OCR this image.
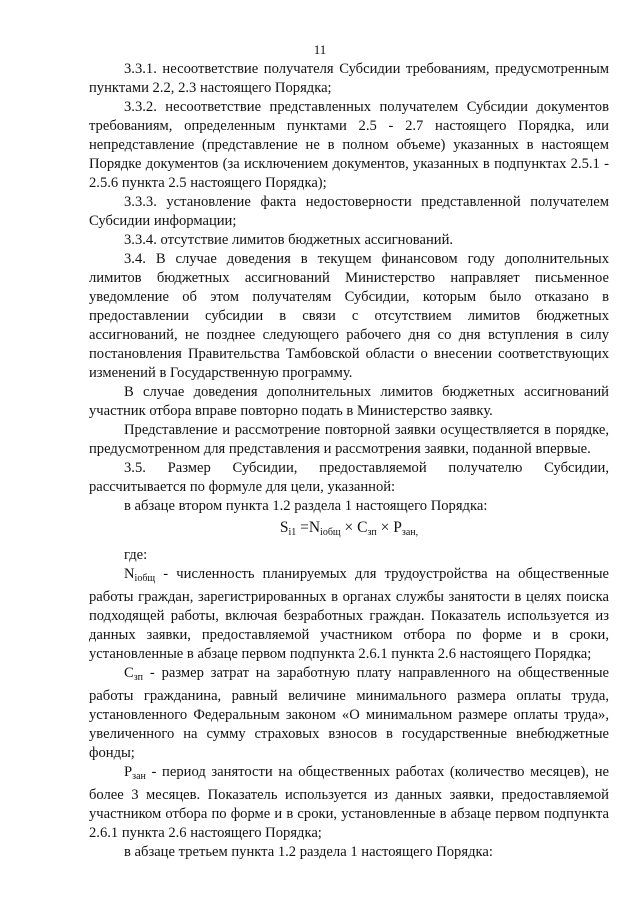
11

3.3.1. несоответствие получателя Субсидии требованиям, предусмотренным пунктами 2.2, 2.3 настоящего Порядка;

3.3.2. несоответствие представленных получателем Субсидии документов требованиям, определенным пунктами 2.5 - 2.7 настоящего Порядка, или непредставление (представление не в полном объеме) указанных в настоящем Порядке документов (за исключением документов, указанных в подпунктах 2.5.1 - 2.5.6 пункта 2.5 настоящего Порядка);

3.3.3. установление факта недостоверности представленной получателем Субсидии информации;

3.3.4. отсутствие лимитов бюджетных ассигнований.

3.4. В случае доведения в текущем финансовом году дополнительных лимитов бюджетных ассигнований Министерство направляет письменное уведомление об этом получателям Субсидии, которым было отказано в предоставлении субсидии в связи с отсутствием лимитов бюджетных ассигнований, не позднее следующего рабочего дня со дня вступления в силу постановления Правительства Тамбовской области о внесении соответствующих изменений в Государственную программу.

В случае доведения дополнительных лимитов бюджетных ассигнований участник отбора вправе повторно подать в Министерство заявку.

Представление и рассмотрение повторной заявки осуществляется в порядке, предусмотренном для представления и рассмотрения заявки, поданной впервые.

3.5. Размер Субсидии, предоставляемой получателю Субсидии, рассчитывается по формуле для цели, указанной:

в абзаце втором пункта 1.2 раздела 1 настоящего Порядка:

$S_{i1} =N_{iобщ} \times C_{зп} \times P_{зан,}$

где:

$N_{iобщ}$ - численность планируемых для трудоустройства на общественные работы граждан, зарегистрированных в органах службы занятости в целях поиска подходящей работы, включая безработных граждан. Показатель используется из данных заявки, предоставляемой участником отбора по форме и в сроки, установленные в абзаце первом подпункта 2.6.1 пункта 2.6 настоящего Порядка;

$C_{зп}$ - размер затрат на заработную плату направленного на общественные работы гражданина, равный величине минимального размера оплаты труда, установленного Федеральным законом «О минимальном размере оплаты труда», увеличенного на сумму страховых взносов в государственные внебюджетные фонды;

$P_{зан}$ - период занятости на общественных работах (количество месяцев), не более 3 месяцев. Показатель используется из данных заявки, предоставляемой участником отбора по форме и в сроки, установленные в абзаце первом подпункта 2.6.1 пункта 2.6 настоящего Порядка;

в абзаце третьем пункта 1.2 раздела 1 настоящего Порядка:
